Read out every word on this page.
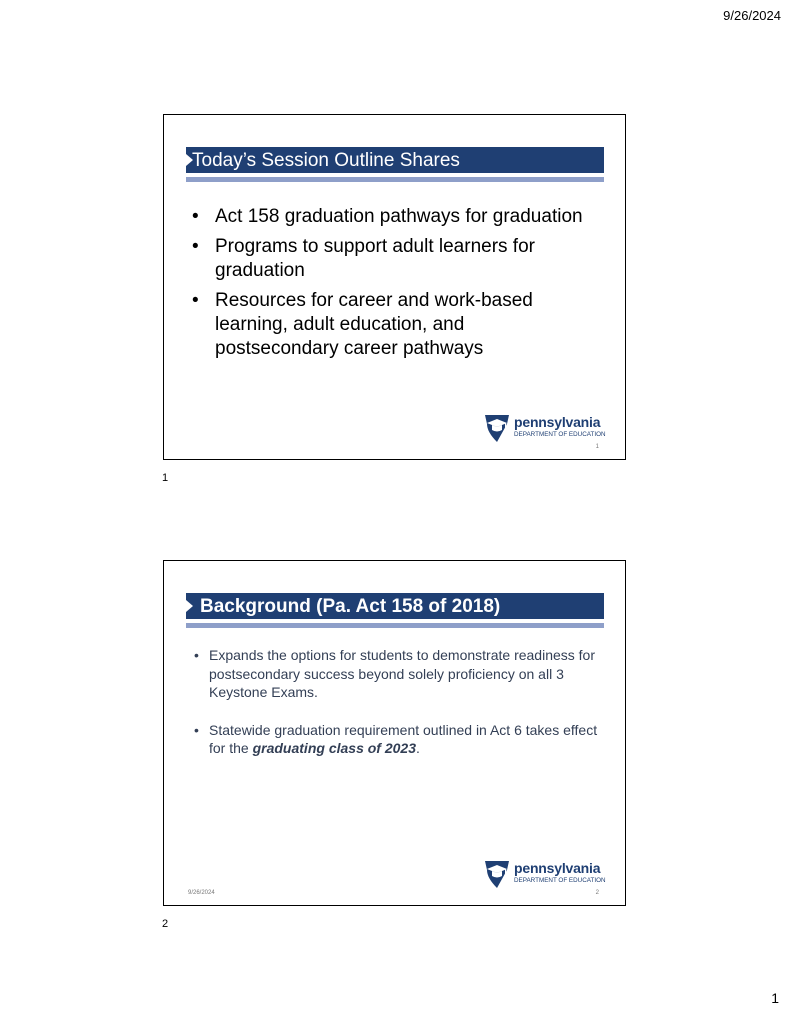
9/26/2024
Today’s Session Outline Shares
• Act 158 graduation pathways for graduation
• Programs to support adult learners for graduation
• Resources for career and work-based learning, adult education, and postsecondary career pathways
pennsylvania
DEPARTMENT OF EDUCATION
1
1
Background (Pa. Act 158 of 2018)
• Expands the options for students to demonstrate readiness for postsecondary success beyond solely proficiency on all 3 Keystone Exams.
• Statewide graduation requirement outlined in Act 6 takes effect for the graduating class of 2023.
pennsylvania
DEPARTMENT OF EDUCATION
9/26/2024	2
2
1
